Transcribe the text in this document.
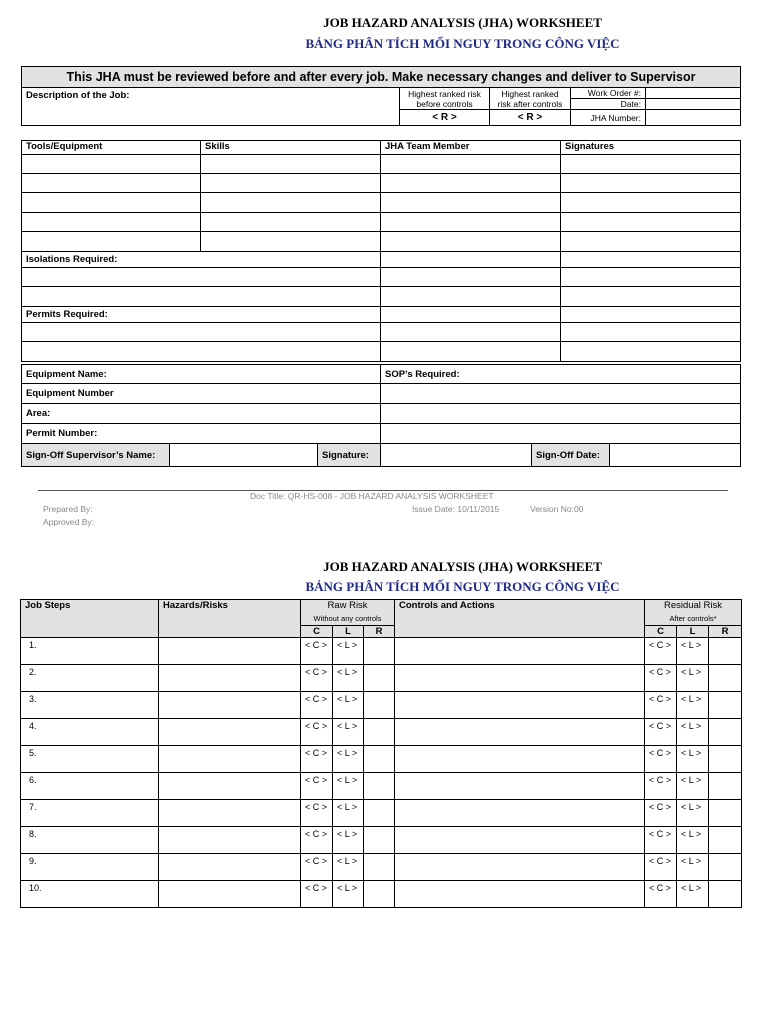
JOB HAZARD ANALYSIS (JHA) WORKSHEET
BẢNG PHÂN TÍCH MỐI NGUY TRONG CÔNG VIỆC
This JHA must be reviewed before and after every job. Make necessary changes and deliver to Supervisor				
Description of the Job:	Highest ranked risk before controls	Highest ranked risk after controls	Work Order #:	
			Date:	
	< R >	< R >	JHA Number:	
Tools/Equipment	Skills	JHA Team Member	Signatures

Isolations Required:			

Permits Required:			

Equipment Name:	SOP’s Required:
Equipment Number	
Area:	
Permit Number:	
Sign-Off Supervisor’s Name:		Signature:		Sign-Off Date:	
Doc Title: QR-HS-008 - JOB HAZARD ANALYSIS WORKSHEET
Prepared By:
Approved By:
Issue Date: 10/11/2015	Version No:00
JOB HAZARD ANALYSIS (JHA) WORKSHEET
BẢNG PHÂN TÍCH MỐI NGUY TRONG CÔNG VIỆC
Job Steps	Hazards/Risks	Raw Risk			Controls and Actions	Residual Risk		
		Without any controls				After controls*		
		C	L	R		C	L	R
1.		< C >	< L >			< C >	< L >	
2.		< C >	< L >			< C >	< L >	
3.		< C >	< L >			< C >	< L >	
4.		< C >	< L >			< C >	< L >	
5.		< C >	< L >			< C >	< L >	
6.		< C >	< L >			< C >	< L >	
7.		< C >	< L >			< C >	< L >	
8.		< C >	< L >			< C >	< L >	
9.		< C >	< L >			< C >	< L >	
10.		< C >	< L >			< C >	< L >	
